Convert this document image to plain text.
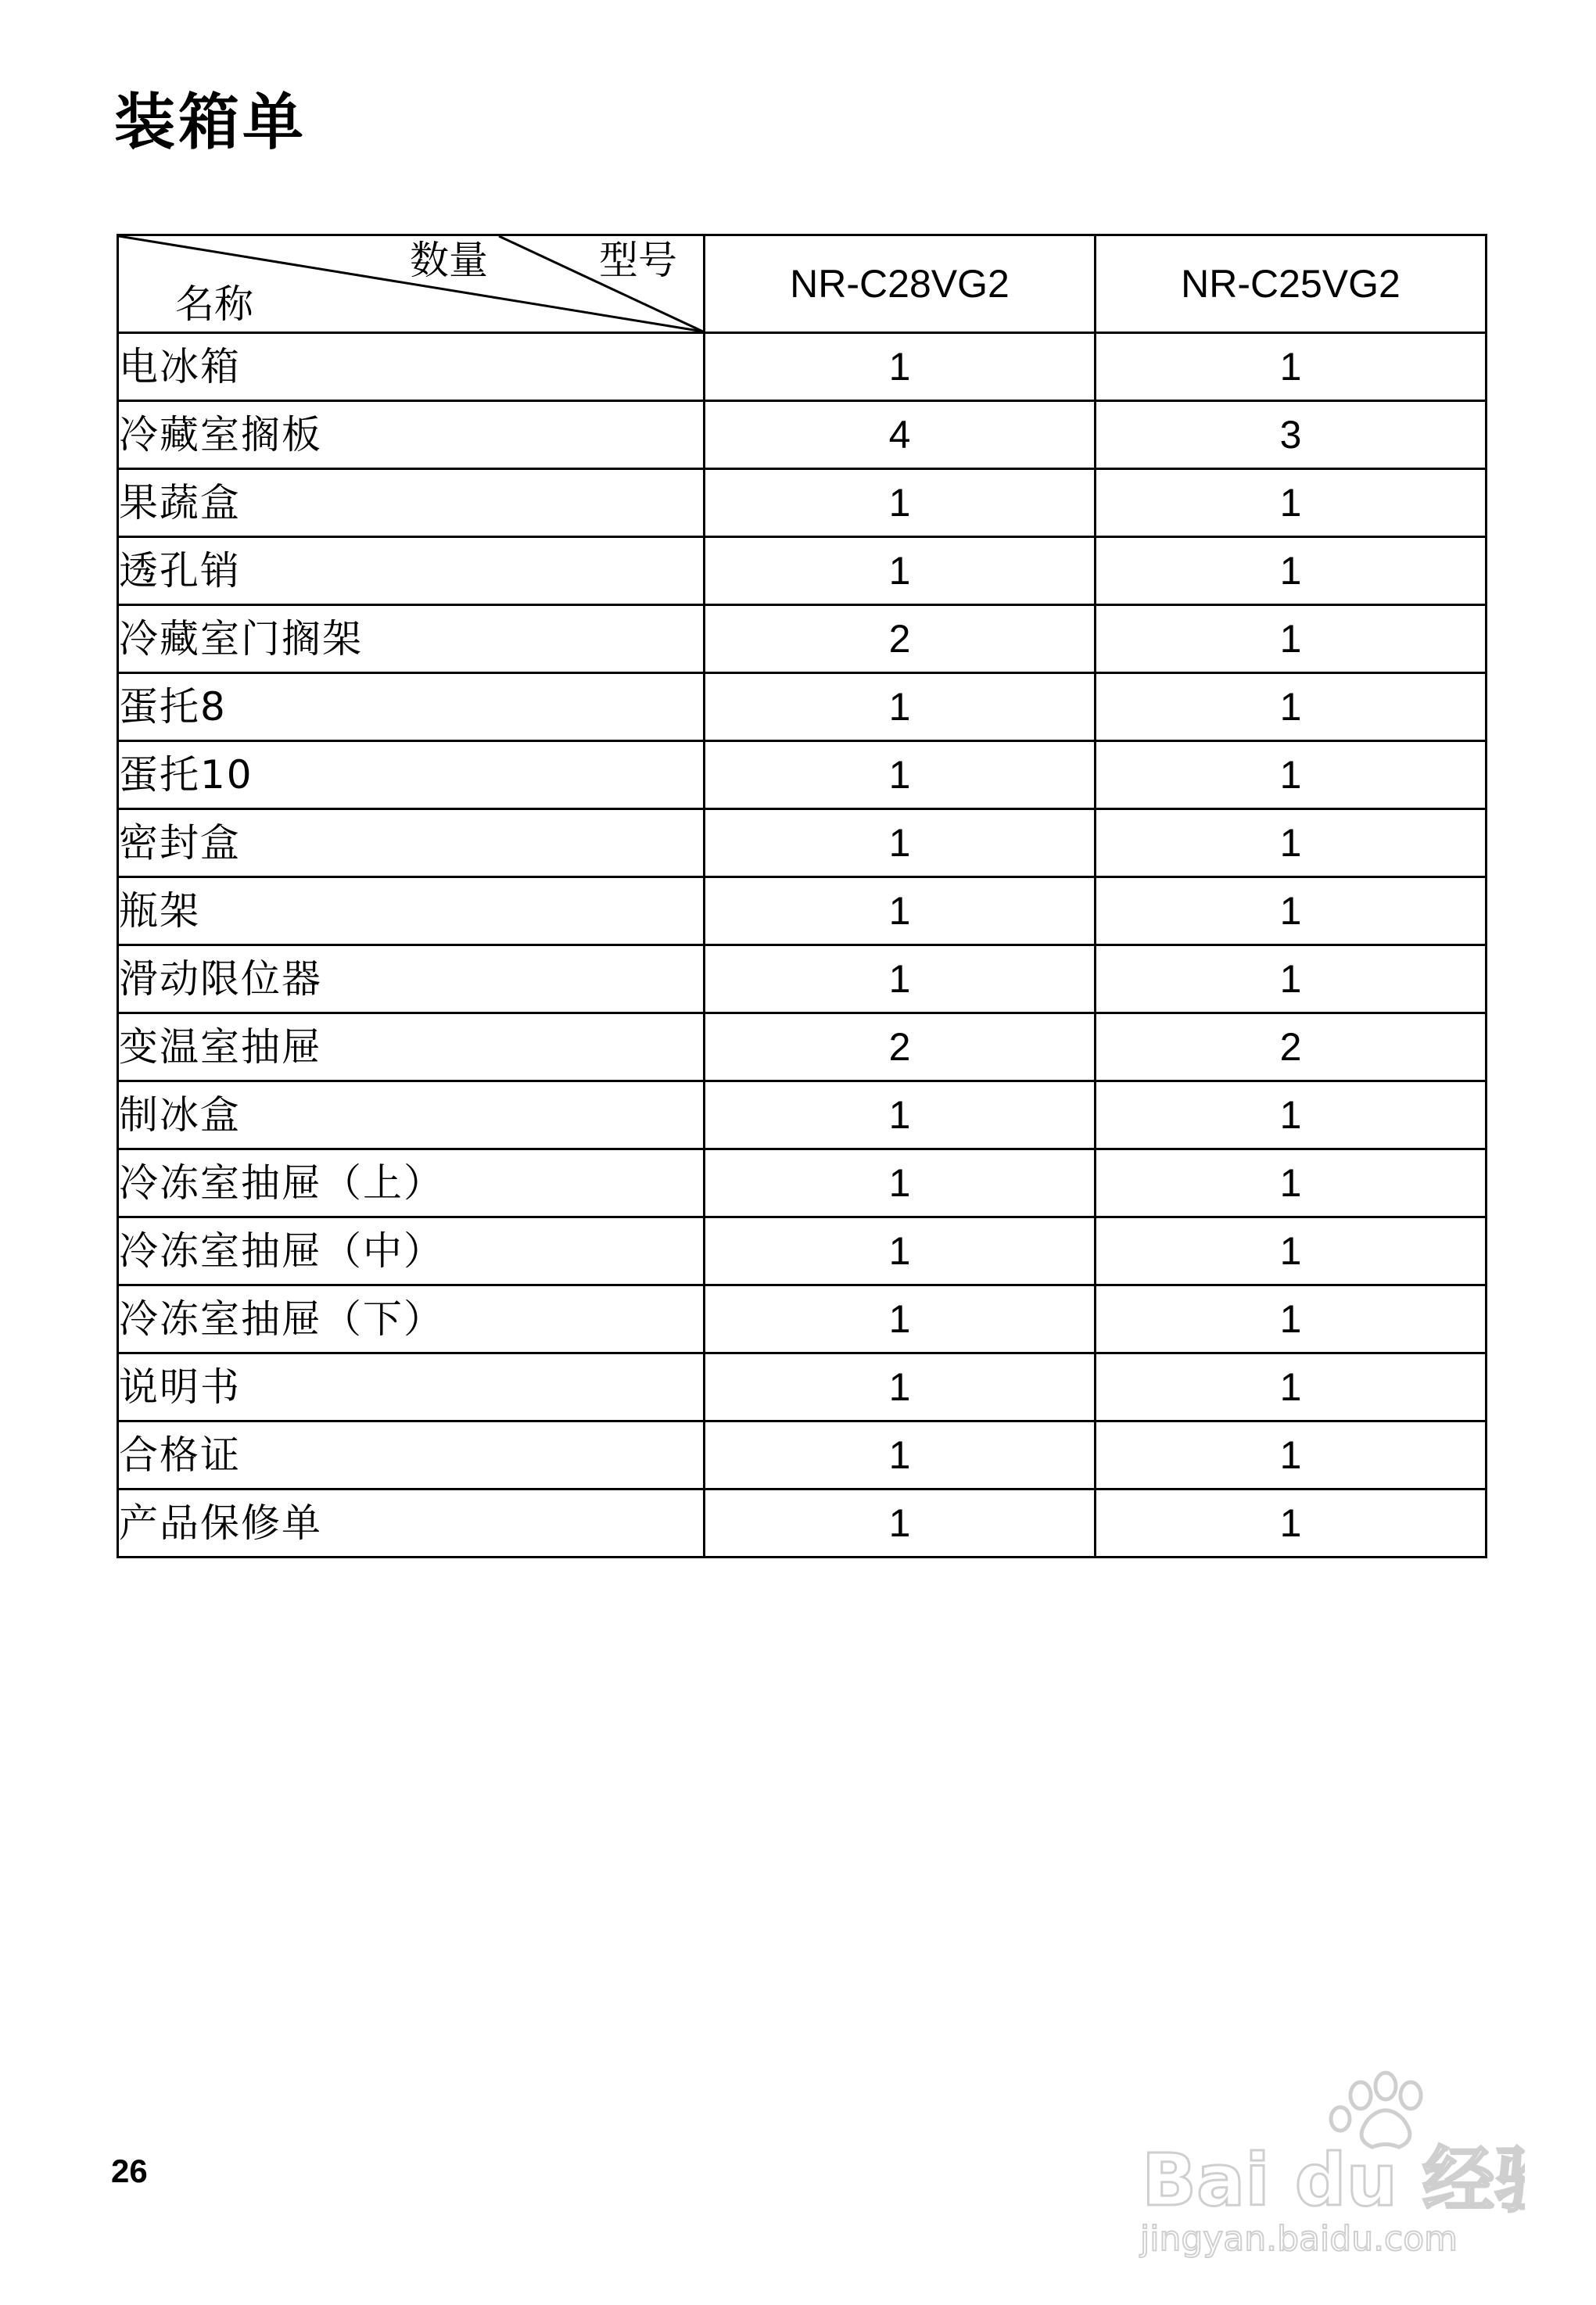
装箱单
数量 型号
名称	NR-C28VG2	NR-C25VG2
电冰箱	1	1
冷藏室搁板	4	3
果蔬盒	1	1
透孔销	1	1
冷藏室门搁架	2	1
蛋托8	1	1
蛋托10	1	1
密封盒	1	1
瓶架	1	1
滑动限位器	1	1
变温室抽屉	2	2
制冰盒	1	1
冷冻室抽屉（上）	1	1
冷冻室抽屉（中）	1	1
冷冻室抽屉（下）	1	1
说明书	1	1
合格证	1	1
产品保修单	1	1
26	Bai du 经验
jingyan.baidu.com
